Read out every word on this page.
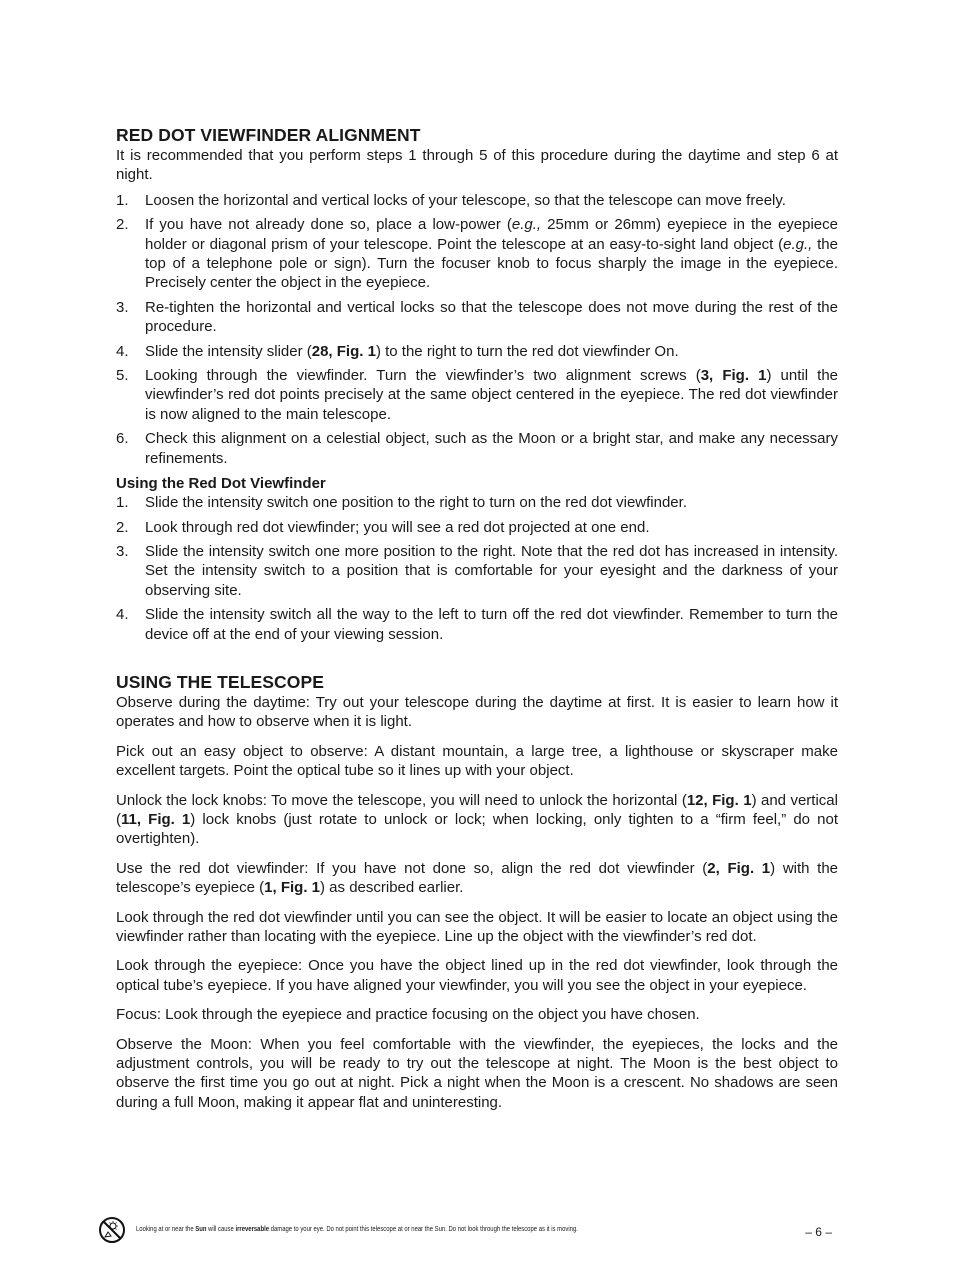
RED DOT VIEWFINDER ALIGNMENT

It is recommended that you perform steps 1 through 5 of this procedure during the daytime and step 6 at night.

1. Loosen the horizontal and vertical locks of your telescope, so that the telescope can move freely.
2. If you have not already done so, place a low-power (e.g., 25mm or 26mm) eyepiece in the eyepiece holder or diagonal prism of your telescope. Point the telescope at an easy-to-sight land object (e.g., the top of a telephone pole or sign). Turn the focuser knob to focus sharply the image in the eyepiece. Precisely center the object in the eyepiece.
3. Re-tighten the horizontal and vertical locks so that the telescope does not move during the rest of the procedure.
4. Slide the intensity slider (28, Fig. 1) to the right to turn the red dot viewfinder On.
5. Looking through the viewfinder. Turn the viewfinder’s two alignment screws (3, Fig. 1) until the viewfinder’s red dot points precisely at the same object centered in the eyepiece. The red dot viewfinder is now aligned to the main telescope.
6. Check this alignment on a celestial object, such as the Moon or a bright star, and make any necessary refinements.
Using the Red Dot Viewfinder
1. Slide the intensity switch one position to the right to turn on the red dot viewfinder.
2. Look through red dot viewfinder; you will see a red dot projected at one end.
3. Slide the intensity switch one more position to the right. Note that the red dot has increased in intensity. Set the intensity switch to a position that is comfortable for your eyesight and the darkness of your observing site.
4. Slide the intensity switch all the way to the left to turn off the red dot viewfinder. Remember to turn the device off at the end of your viewing session.
USING THE TELESCOPE

Observe during the daytime: Try out your telescope during the daytime at first. It is easier to learn how it operates and how to observe when it is light.

Pick out an easy object to observe: A distant mountain, a large tree, a lighthouse or skyscraper make excellent targets. Point the optical tube so it lines up with your object.

Unlock the lock knobs: To move the telescope, you will need to unlock the horizontal (12, Fig. 1) and vertical (11, Fig. 1) lock knobs (just rotate to unlock or lock; when locking, only tighten to a “firm feel,” do not overtighten).

Use the red dot viewfinder: If you have not done so, align the red dot viewfinder (2, Fig. 1) with the telescope’s eyepiece (1, Fig. 1) as described earlier.

Look through the red dot viewfinder until you can see the object. It will be easier to locate an object using the viewfinder rather than locating with the eyepiece. Line up the object with the viewfinder’s red dot.

Look through the eyepiece: Once you have the object lined up in the red dot viewfinder, look through the optical tube’s eyepiece. If you have aligned your viewfinder, you will you see the object in your eyepiece.

Focus: Look through the eyepiece and practice focusing on the object you have chosen.

Observe the Moon: When you feel comfortable with the viewfinder, the eyepieces, the locks and the adjustment controls, you will be ready to try out the telescope at night. The Moon is the best object to observe the first time you go out at night. Pick a night when the Moon is a crescent. No shadows are seen during a full Moon, making it appear flat and uninteresting.

Looking at or near the Sun will cause irreversable damage to your eye. Do not point this telescope at or near the Sun. Do not look through the telescope as it is moving.	– 6 –
